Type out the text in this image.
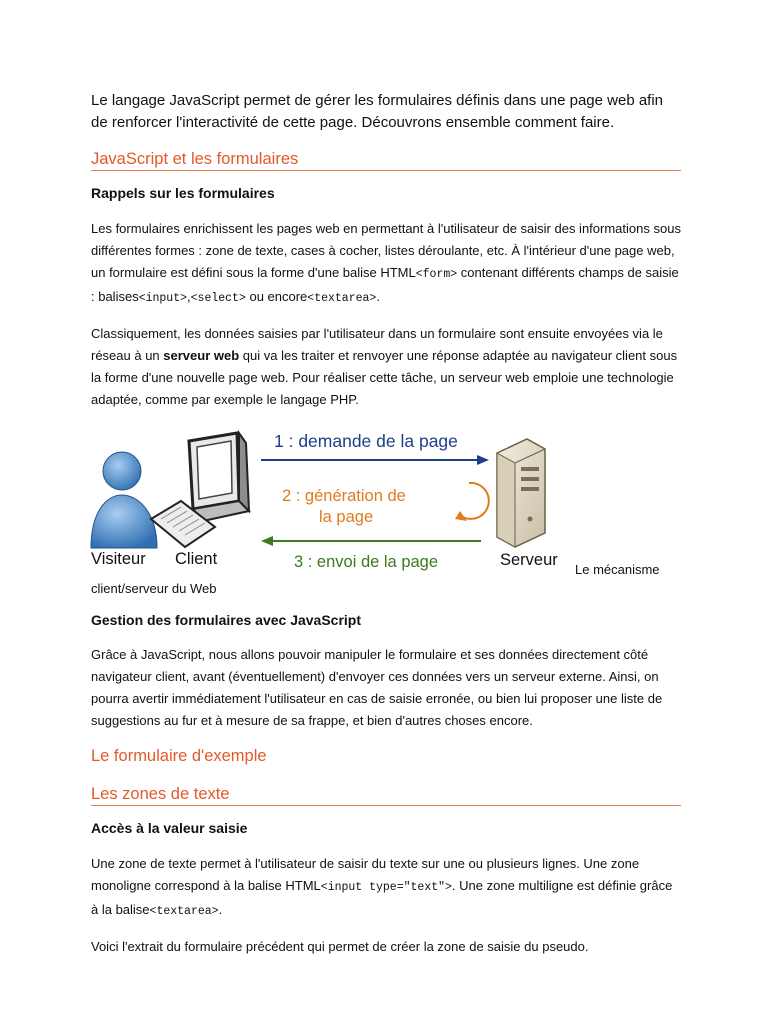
Le langage JavaScript permet de gérer les formulaires définis dans une page web afin de renforcer l'interactivité de cette page. Découvrons ensemble comment faire.

JavaScript et les formulaires
Rappels sur les formulaires

Les formulaires enrichissent les pages web en permettant à l'utilisateur de saisir des informations sous différentes formes : zone de texte, cases à cocher, listes déroulante, etc. À l'intérieur d'une page web, un formulaire est défini sous la forme d'une balise HTML<form> contenant différents champs de saisie : balises<input>,<select> ou encore<textarea>.

Classiquement, les données saisies par l'utilisateur dans un formulaire sont ensuite envoyées via le réseau à un serveur web qui va les traiter et renvoyer une réponse adaptée au navigateur client sous la forme d'une nouvelle page web. Pour réaliser cette tâche, un serveur web emploie une technologie adaptée, comme par exemple le langage PHP.

1 : demande de la page
2 : génération de
la page
3 : envoi de la page
Visiteur Client	Serveur
Le mécanisme

client/serveur du Web

Gestion des formulaires avec JavaScript

Grâce à JavaScript, nous allons pouvoir manipuler le formulaire et ses données directement côté navigateur client, avant (éventuellement) d'envoyer ces données vers un serveur externe. Ainsi, on pourra avertir immédiatement l'utilisateur en cas de saisie erronée, ou bien lui proposer une liste de suggestions au fur et à mesure de sa frappe, et bien d'autres choses encore.

Le formulaire d'exemple
Les zones de texte
Accès à la valeur saisie

Une zone de texte permet à l'utilisateur de saisir du texte sur une ou plusieurs lignes. Une zone monoligne correspond à la balise HTML<input type="text">. Une zone multiligne est définie grâce à la balise<textarea>.

Voici l'extrait du formulaire précédent qui permet de créer la zone de saisie du pseudo.
